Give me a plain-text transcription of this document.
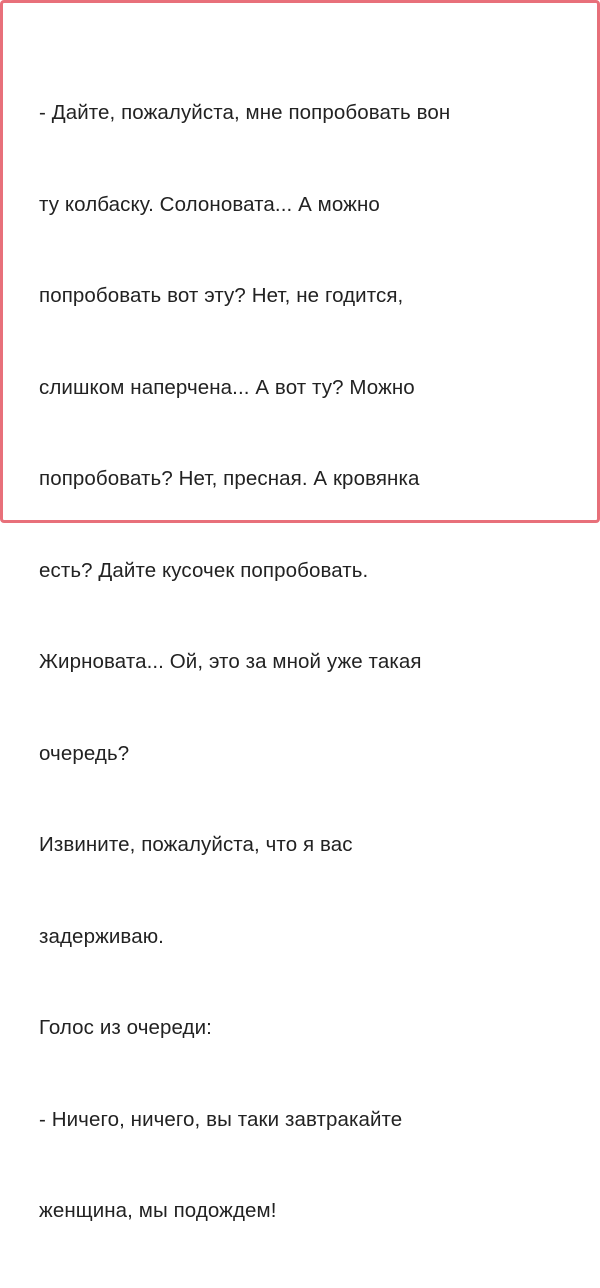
- Дайте, пожалуйста, мне попробовать вон

ту колбаску. Солоновата... А можно

попробовать вот эту? Нет, не годится,

слишком наперчена... А вот ту? Можно

попробовать? Нет, пресная. А кровянка

есть? Дайте кусочек попробовать.

Жирновата... Ой, это за мной уже такая

очередь?

Извините, пожалуйста, что я вас

задерживаю.

Голос из очереди:

- Ничего, ничего, вы таки завтракайте

женщина, мы подождем!
